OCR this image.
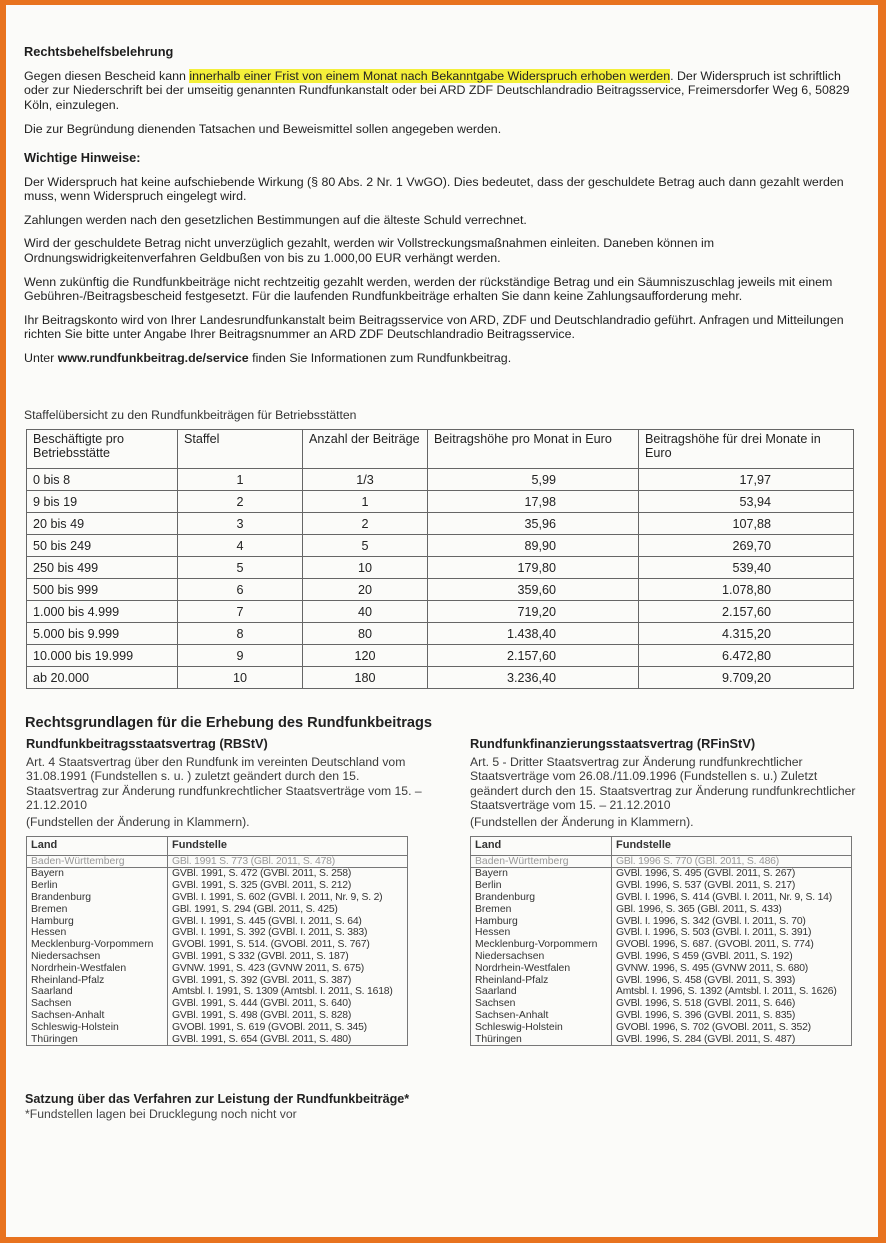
Rechtsbehelfsbelehrung

Gegen diesen Bescheid kann innerhalb einer Frist von einem Monat nach Bekanntgabe Widerspruch erhoben werden. Der Widerspruch ist schriftlich oder zur Niederschrift bei der umseitig genannten Rundfunkanstalt oder bei ARD ZDF Deutschlandradio Beitragsservice, Freimersdorfer Weg 6, 50829 Köln, einzulegen.

Die zur Begründung dienenden Tatsachen und Beweismittel sollen angegeben werden.

Wichtige Hinweise:

Der Widerspruch hat keine aufschiebende Wirkung (§ 80 Abs. 2 Nr. 1 VwGO). Dies bedeutet, dass der geschuldete Betrag auch dann gezahlt werden muss, wenn Widerspruch eingelegt wird.

Zahlungen werden nach den gesetzlichen Bestimmungen auf die älteste Schuld verrechnet.

Wird der geschuldete Betrag nicht unverzüglich gezahlt, werden wir Vollstreckungsmaßnahmen einleiten. Daneben können im Ordnungswidrigkeitenverfahren Geldbußen von bis zu 1.000,00 EUR verhängt werden.

Wenn zukünftig die Rundfunkbeiträge nicht rechtzeitig gezahlt werden, werden der rückständige Betrag und ein Säumniszuschlag jeweils mit einem Gebühren-/Beitragsbescheid festgesetzt. Für die laufenden Rundfunkbeiträge erhalten Sie dann keine Zahlungsaufforderung mehr.

Ihr Beitragskonto wird von Ihrer Landesrundfunkanstalt beim Beitragsservice von ARD, ZDF und Deutschlandradio geführt. Anfragen und Mitteilungen richten Sie bitte unter Angabe Ihrer Beitragsnummer an ARD ZDF Deutschlandradio Beitragsservice.

Unter www.rundfunkbeitrag.de/service finden Sie Informationen zum Rundfunkbeitrag.

Staffelübersicht zu den Rundfunkbeiträgen für Betriebsstätten
Beschäftigte pro Betriebsstätte	Staffel	Anzahl der Beiträge	Beitragshöhe pro Monat in Euro	Beitragshöhe für drei Monate in Euro
0 bis 8	1	1/3	5,99	17,97
9 bis 19	2	1	17,98	53,94
20 bis 49	3	2	35,96	107,88
50 bis 249	4	5	89,90	269,70
250 bis 499	5	10	179,80	539,40
500 bis 999	6	20	359,60	1.078,80
1.000 bis 4.999	7	40	719,20	2.157,60
5.000 bis 9.999	8	80	1.438,40	4.315,20
10.000 bis 19.999	9	120	2.157,60	6.472,80
ab 20.000	10	180	3.236,40	9.709,20
Rechtsgrundlagen für die Erhebung des Rundfunkbeitrags
Rundfunkbeitragsstaatsvertrag (RBStV)
Art. 4 Staatsvertrag über den Rundfunk im vereinten Deutschland vom 31.08.1991 (Fundstellen s. u. ) zuletzt geändert durch den 15. Staatsvertrag zur Änderung rundfunkrechtlicher Staatsverträge vom 15. – 21.12.2010
(Fundstellen der Änderung in Klammern).
Land	Fundstelle
Baden-Württemberg	GBl. 1991 S. 773 (GBl. 2011, S. 478)
Bayern	GVBl. 1991, S. 472 (GVBl. 2011, S. 258)
Berlin	GVBl. 1991, S. 325 (GVBl. 2011, S. 212)
Brandenburg	GVBl. I. 1991, S. 602 (GVBl. I. 2011, Nr. 9, S. 2)
Bremen	GBl. 1991, S. 294 (GBl. 2011, S. 425)
Hamburg	GVBl. I. 1991, S. 445 (GVBl. I. 2011, S. 64)
Hessen	GVBl. I. 1991, S. 392 (GVBl. I. 2011, S. 383)
Mecklenburg-Vorpommern	GVOBl. 1991, S. 514. (GVOBl. 2011, S. 767)
Niedersachsen	GVBl. 1991, S 332 (GVBl. 2011, S. 187)
Nordrhein-Westfalen	GVNW. 1991, S. 423 (GVNW 2011, S. 675)
Rheinland-Pfalz	GVBl. 1991, S. 392 (GVBl. 2011, S. 387)
Saarland	Amtsbl. I. 1991, S. 1309 (Amtsbl. I. 2011, S. 1618)
Sachsen	GVBl. 1991, S. 444 (GVBl. 2011, S. 640)
Sachsen-Anhalt	GVBl. 1991, S. 498 (GVBl. 2011, S. 828)
Schleswig-Holstein	GVOBl. 1991, S. 619 (GVOBl. 2011, S. 345)
Thüringen	GVBl. 1991, S. 654 (GVBl. 2011, S. 480)
Rundfunkfinanzierungsstaatsvertrag (RFinStV)
Art. 5 - Dritter Staatsvertrag zur Änderung rundfunkrechtlicher Staatsverträge vom 26.08./11.09.1996 (Fundstellen s. u.) Zuletzt geändert durch den 15. Staatsvertrag zur Änderung rundfunkrechtlicher Staatsverträge vom 15. – 21.12.2010
(Fundstellen der Änderung in Klammern).
Land	Fundstelle
Baden-Württemberg	GBl. 1996 S. 770 (GBl. 2011, S. 486)
Bayern	GVBl. 1996, S. 495 (GVBl. 2011, S. 267)
Berlin	GVBl. 1996, S. 537 (GVBl. 2011, S. 217)
Brandenburg	GVBl. I. 1996, S. 414 (GVBl. I. 2011, Nr. 9, S. 14)
Bremen	GBl. 1996, S. 365 (GBl. 2011, S. 433)
Hamburg	GVBl. I. 1996, S. 342 (GVBl. I. 2011, S. 70)
Hessen	GVBl. I. 1996, S. 503 (GVBl. I. 2011, S. 391)
Mecklenburg-Vorpommern	GVOBl. 1996, S. 687. (GVOBl. 2011, S. 774)
Niedersachsen	GVBl. 1996, S 459 (GVBl. 2011, S. 192)
Nordrhein-Westfalen	GVNW. 1996, S. 495 (GVNW 2011, S. 680)
Rheinland-Pfalz	GVBl. 1996, S. 458 (GVBl. 2011, S. 393)
Saarland	Amtsbl. I. 1996, S. 1392 (Amtsbl. I. 2011, S. 1626)
Sachsen	GVBl. 1996, S. 518 (GVBl. 2011, S. 646)
Sachsen-Anhalt	GVBl. 1996, S. 396 (GVBl. 2011, S. 835)
Schleswig-Holstein	GVOBl. 1996, S. 702 (GVOBl. 2011, S. 352)
Thüringen	GVBl. 1996, S. 284 (GVBl. 2011, S. 487)
Satzung über das Verfahren zur Leistung der Rundfunkbeiträge*
*Fundstellen lagen bei Drucklegung noch nicht vor
